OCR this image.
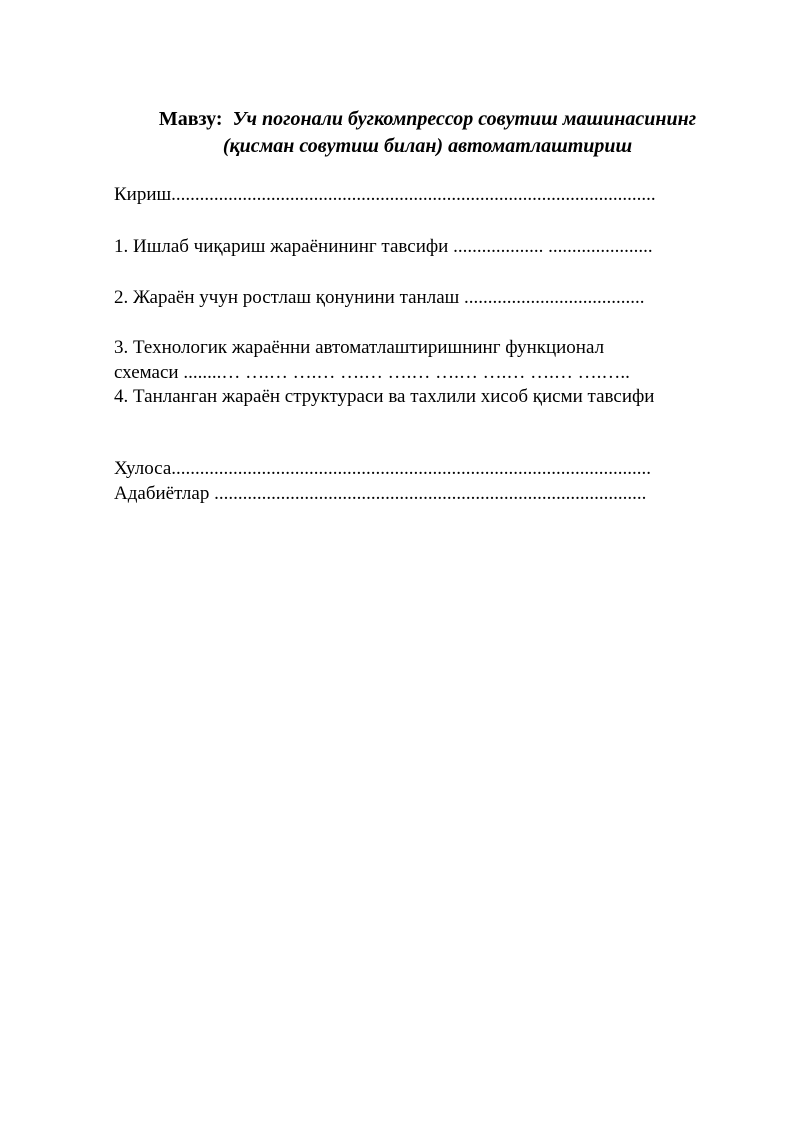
Мавзу: Уч погонали бугкомпрессор совутиш машинасининг
(қисман совутиш билан) автоматлаштириш
Кириш......................................................................................................
1. Ишлаб чиқариш жараёнининг тавсифи ................... ......................
2. Жараён учун ростлаш қонунини танлаш ......................................
3. Технологик жараённи автоматлаштиришнинг функционал
схемаси ........… ….… ….… ….… ….… ….… ….… ….… ….…..
4. Танланган жараён структураси ва тахлили хисоб қисми тавсифи
Хулоса.....................................................................................................
Адабиётлар ...........................................................................................
